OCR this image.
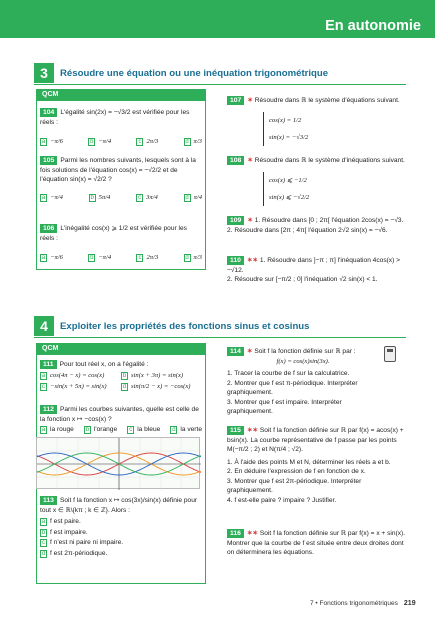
En autonomie
3	Résoudre une équation ou une inéquation trigonométrique
QCM
104 L'égalité sin(2x) = −√3/2 est vérifiée pour les réels :

a −π/6	b −π/4	c 2π/3	d π/3
105 Parmi les nombres suivants, lesquels sont à la fois solutions de l'équation cos(x) = −√2/2 et de l'équation sin(x) = √2/2 ?

a −π/4	b 5π/4	c 3π/4	d π/4
106 L'inégalité cos(x) ⩾ 1/2 est vérifiée pour les réels :

a −π/6	b −π/4	c 2π/3	d π/3
107 ✶ Résoudre dans ℝ le système d'équations suivant.
cos(x) = 1/2
sin(x) = −√3/2
108 ✶ Résoudre dans ℝ le système d'inéquations suivant.
cos(x) ⩽ −1/2
sin(x) ⩽ −√2/2
109 ✶ 1. Résoudre dans [0 ; 2π[ l'équation 2cos(x) = −√3.
2. Résoudre dans [2π ; 4π[ l'équation 2√2 sin(x) = −√6.
110 ✶✶ 1. Résoudre dans ]−π ; π] l'inéquation 4cos(x) > −√12.
2. Résoudre sur [−π/2 ; 0] l'inéquation √2 sin(x) < 1.
4	Exploiter les propriétés des fonctions sinus et cosinus
QCM
111 Pour tout réel x, on a l'égalité :
a cos(4π − x) = cos(x)	b sin(x + 3π) = sin(x)
c −sin(x + 5π) = sin(x)	d sin(π/2 − x) = −cos(x)
112 Parmi les courbes suivantes, quelle est celle de la fonction x ↦ −cos(x) ?
a la rouge	b l'orange	c la bleue	d la verte
113 Soit f la fonction x ↦ cos(3x)/sin(x) définie pour tout x ∈ ℝ\{kπ ; k ∈ ℤ}. Alors :
a f est paire.
b f est impaire.
c f n'est ni paire ni impaire.
d f est 2π-périodique.
114 ✶ Soit f la fonction définie sur ℝ par :

f(x) = cos(x)sin(3x).
1. Tracer la courbe de f sur la calculatrice.
2. Montrer que f est π-périodique. Interpréter graphiquement.
3. Montrer que f est impaire. Interpréter graphiquement.
115 ✶✶ Soit f la fonction définie sur ℝ par f(x) = acos(x) + bsin(x). La courbe représentative de f passe par les points M(−π/2 ; 2) et N(π/4 ; √2).
1. À l'aide des points M et N, déterminer les réels a et b.
2. En déduire l'expression de f en fonction de x.
3. Montrer que f est 2π-périodique. Interpréter graphiquement.
4. f est-elle paire ? impaire ? Justifier.
116 ✶✶ Soit f la fonction définie sur ℝ par f(x) = x + sin(x). Montrer que la courbe de f est située entre deux droites dont on déterminera les équations.
7 • Fonctions trigonométriques 219
